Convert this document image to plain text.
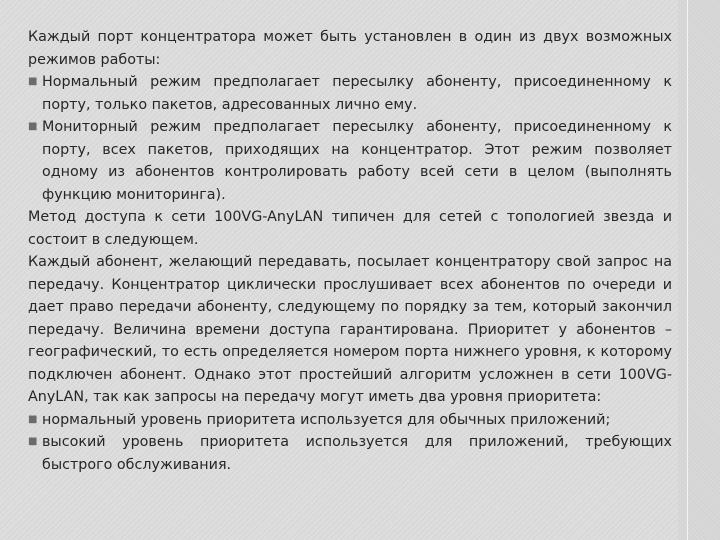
Каждый порт концентратора может быть установлен в один из двух возможных режимов работы:

■ Нормальный режим предполагает пересылку абоненту, присоединенному к порту, только пакетов, адресованных лично ему.
■ Мониторный режим предполагает пересылку абоненту, присоединенному к порту, всех пакетов, приходящих на концентратор. Этот режим позволяет одному из абонентов контролировать работу всей сети в целом (выполнять функцию мониторинга).

Метод доступа к сети 100VG-AnyLAN типичен для сетей с топологией звезда и состоит в следующем.

Каждый абонент, желающий передавать, посылает концентратору свой запрос на передачу. Концентратор циклически прослушивает всех абонентов по очереди и дает право передачи абоненту, следующему по порядку за тем, который закончил передачу. Величина времени доступа гарантирована. Приоритет у абонентов – географический, то есть определяется номером порта нижнего уровня, к которому подключен абонент. Однако этот простейший алгоритм усложнен в сети 100VG-AnyLAN, так как запросы на передачу могут иметь два уровня приоритета:

■ нормальный уровень приоритета используется для обычных приложений;
■ высокий уровень приоритета используется для приложений, требующих быстрого обслуживания.
